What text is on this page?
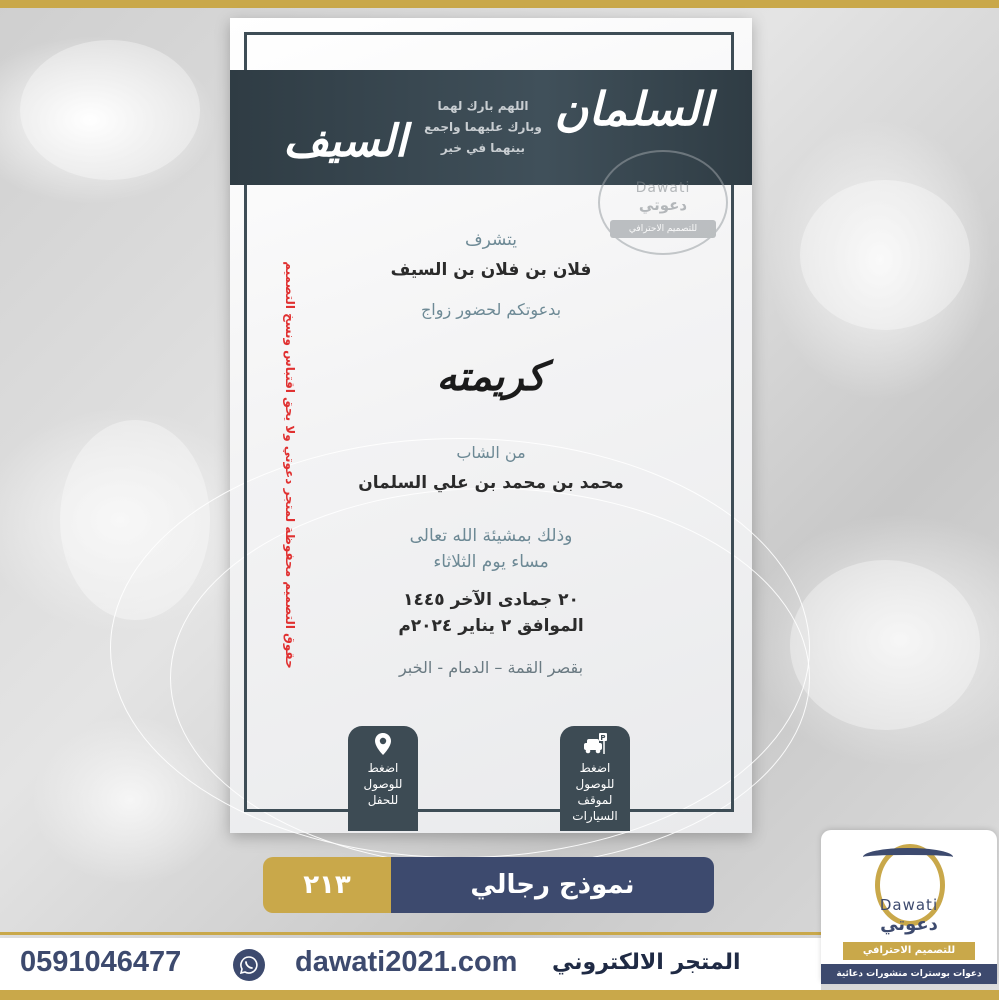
السلمان
السيف
اللهم بارك لهما
وبارك عليهما واجمع
بينهما في خير
Dawati
دعوتي
للتصميم الاحترافي
يتشرف
فلان بن فلان بن السيف
بدعوتكم لحضور زواج
كريمته
من الشاب
محمد بن محمد بن علي السلمان
وذلك بمشيئة الله تعالى
مساء يوم الثلاثاء
٢٠ جمادى الآخر ١٤٤٥
الموافق ٢ يناير ٢٠٢٤م
بقصر القمة – الدمام - الخبر
اضغط
للوصول
للحفل
P
اضغط
للوصول
لموقف
السيارات
حقوق التصميم محفوظة لمتجر دعوتي ولا يحق اقتباس ونسخ التصميم
٢١٣	نموذج رجالي
0591046477	dawati2021.com المتجر الالكتروني
Dawati
دعوتي
للتصميم الاحترافي
دعوات بوسترات منشورات دعائية
